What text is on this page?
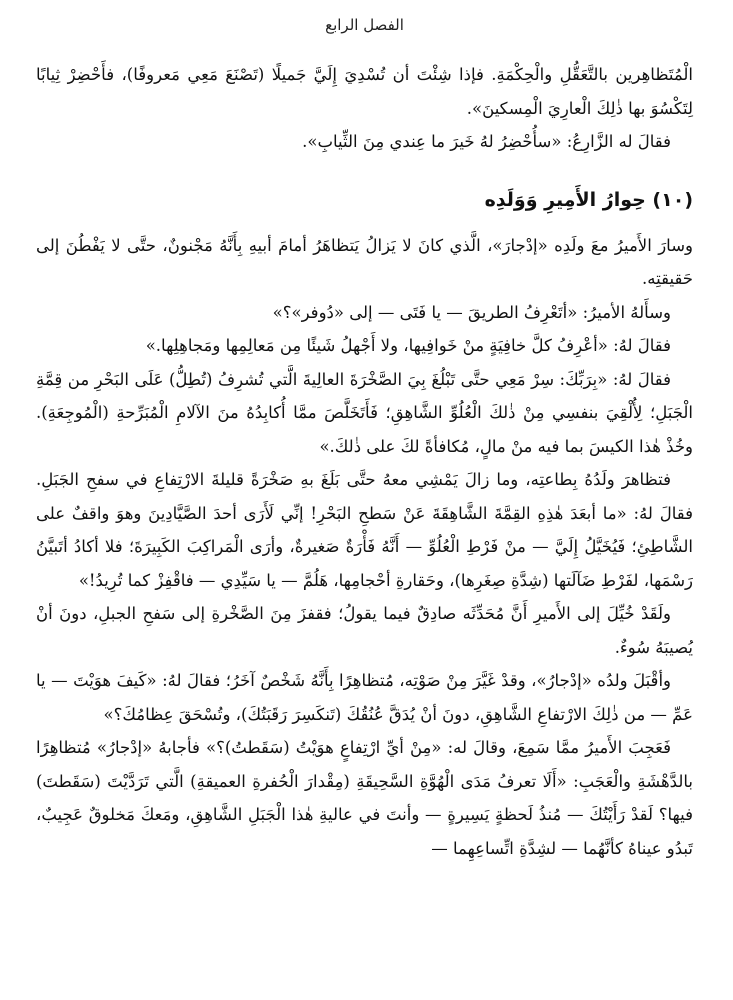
الفصل الرابع

الْمُتَظاهِرين بالتَّعَقُّلِ والْحِكْمَةِ. فإذا شِئْتَ أن تُسْدِيَ إِلَيَّ جَميلًا (تَصْنَعَ مَعِي مَعروفًا)، فأَحْضِرْ ثِيابًا لِتَكْسُوَ بها ذٰلِكَ الْعارِيَ الْمِسكينَ».

فقالَ له الزَّارِعُ: «سأُحْضِرُ لهُ خَيرَ ما عِندي مِنَ الثِّيابِ».

(١٠) حِوارُ الأَمِيرِ وَوَلَدِه

وسارَ الأَميرُ معَ ولَدِه «إدْجارَ»، الَّذي كانَ لا يَزالُ يَتظاهَرُ أمامَ أبيهِ بِأَنَّهُ مَجْنونٌ، حتَّى لا يَفْطُنَ إلى حَقيقتِه.

وسأَلهُ الأميرُ: «أتَعْرِفُ الطريقَ — يا فَتَى — إلى «دُوفر»؟»

فقالَ لهُ: «أعْرِفُ كلَّ خافِيَةٍ منْ خَوافِيها، ولا أَجْهلُ شَيئًا مِن مَعالِمِها ومَجاهِلِها.»

فقالَ لهُ: «بِرَبِّكَ: سِرْ مَعِي حتَّى تَبْلُغَ بِيَ الصَّخْرَةَ العالِيةَ الَّتي تُشرِفُ (تُطِلُّ) عَلَى البَحْرِ من قِمَّةِ الْجَبَلِ؛ لِأُلْقِيَ بنفسِي مِنْ ذٰلكَ الْعُلُوِّ الشَّاهِقِ؛ فَأَتَخَلَّصَ ممَّا أُكابِدُهُ منَ الآلامِ الْمُبَرِّحةِ (الْمُوجِعَةِ). وخُذْ هٰذا الكيسَ بما فيه منْ مالٍ، مُكافأةً لكَ على ذٰلكَ.»

فتظاهرَ ولَدُهُ بِطاعتِه، وما زالَ يَمْشِي معهُ حتَّى بَلَغَ بهِ صَخْرَةً قليلةَ الارْتِفاعِ في سفحِ الجَبَلِ. فقالَ لهُ: «ما أبعَدَ هٰذِهِ القِمَّةَ الشَّاهِقَةَ عَنْ سَطحِ البَحْرِ! إنِّي لَأَرَى أحدَ الصَّيَّادِينَ وهوَ واقفٌ على الشَّاطِئِ؛ فَيُخَيَّلُ إِلَيَّ — منْ فَرْطِ الْعُلُوِّ — أَنَّهُ فَأْرَةٌ صَغيرةٌ، وأرَى الْمَراكِبَ الكَبِيرَةَ؛ فلا أكادُ أتَبيَّنُ رَسْمَها، لفَرْطِ ضَآلَتها (شِدَّةِ صِغَرِها)، وحَقارةِ أحْجامِها، هَلُمَّ — يا سَيِّدِي — فاقْفِزْ كما تُرِيدُ!»

ولَقَدْ خُيِّلَ إلى الأَميرِ أَنَّ مُحَدِّثَه صادِقٌ فيما يقولُ؛ فقفزَ مِنَ الصَّخْرةِ إلى سَفحِ الجبلِ، دونَ أنْ يُصيبَهُ سُوءٌ.

وأقْبَلَ ولدُه «إدْجارُ»، وقدْ غَيَّرَ مِنْ صَوْتِه، مُتظاهِرًا بِأَنَّهُ شَخْصٌ آخَرُ؛ فقالَ لهُ: «كَيفَ هوَيْتَ — يا عَمِّ — من ذٰلِكَ الارْتفاعِ الشَّاهِقِ، دونَ أنْ يُدَقَّ عُنُقُكَ (تَنكَسِرَ رَقَبَتُكَ)، وتُسْحَقَ عِظامُكَ؟»

فَعَجِبَ الأَميرُ ممَّا سَمِعَ، وقالَ له: «مِنْ أيِّ ارْتِفاعٍ هوَيْتُ (سَقَطتُ)؟» فأجابهُ «إدْجارُ» مُتظاهِرًا بالدَّهْشَةِ والْعَجَبِ: «أَلَا تعرفُ مَدَى الْهُوَّةِ السَّحِيقَةِ (مِقْدارَ الْحُفرةِ العميقةِ) الَّتي تَرَدَّيْتَ (سَقَطتَ) فيها؟ لَقدْ رَأَيْتُكَ — مُنذُ لَحظةٍ يَسِيرةٍ — وأنتَ في عاليةِ هٰذا الْجَبَلِ الشَّاهِقِ، ومَعكَ مَخلوقٌ عَجِيبٌ، تَبدُو عيناهُ كأنَّهُما — لشِدَّةِ اتِّساعِهِما —
